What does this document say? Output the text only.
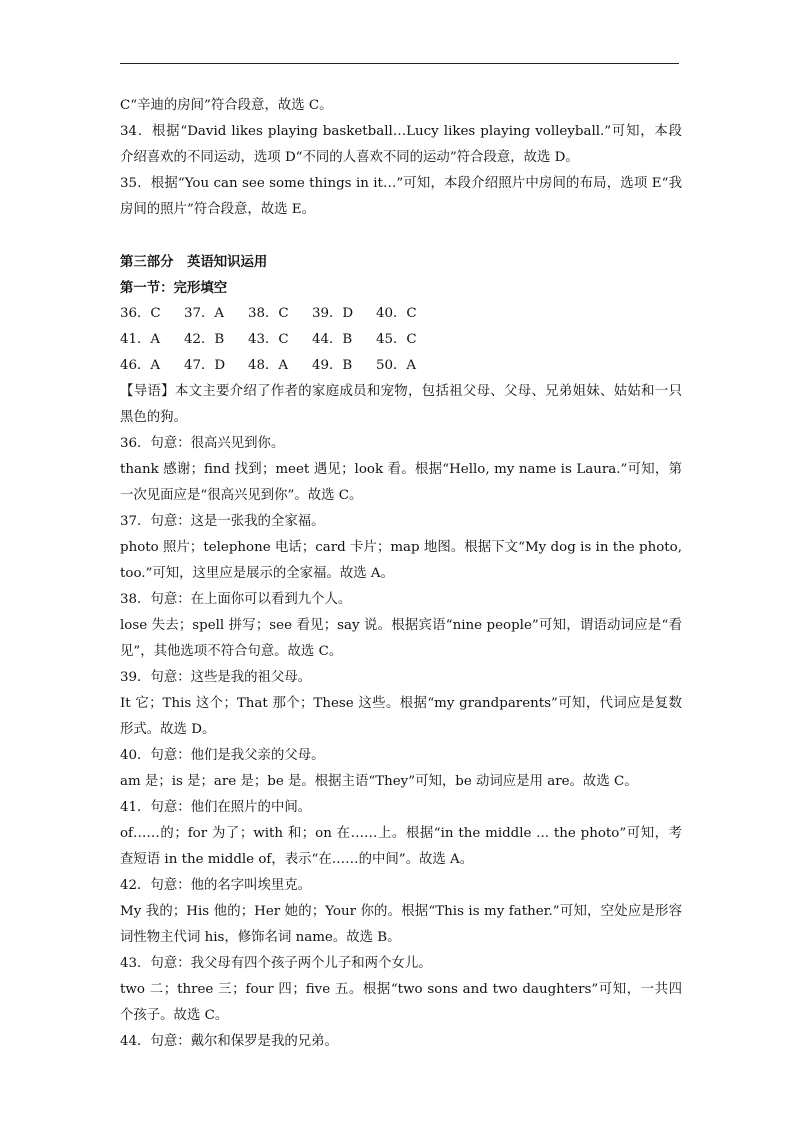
C“辛迪的房间”符合段意，故选 C。

34．根据“David likes playing basketball…Lucy likes playing volleyball.”可知，本段介绍喜欢的不同运动，选项 D“不同的人喜欢不同的运动”符合段意，故选 D。

35．根据“You can see some things in it…”可知，本段介绍照片中房间的布局，选项 E“我房间的照片”符合段意，故选 E。

第三部分　英语知识运用

第一节：完形填空

36．C	37．A	38．C	39．D	40．C
41．A	42．B	43．C	44．B	45．C
46．A	47．D	48．A	49．B	50．A

【导语】本文主要介绍了作者的家庭成员和宠物，包括祖父母、父母、兄弟姐妹、姑姑和一只黑色的狗。

36．句意：很高兴见到你。

thank 感谢；find 找到；meet 遇见；look 看。根据“Hello, my name is Laura.”可知，第一次见面应是“很高兴见到你”。故选 C。

37．句意：这是一张我的全家福。

photo 照片；telephone 电话；card 卡片；map 地图。根据下文“My dog is in the photo, too.”可知，这里应是展示的全家福。故选 A。

38．句意：在上面你可以看到九个人。

lose 失去；spell 拼写；see 看见；say 说。根据宾语“nine people”可知，谓语动词应是“看见”，其他选项不符合句意。故选 C。

39．句意：这些是我的祖父母。

It 它；This 这个；That 那个；These 这些。根据“my grandparents”可知，代词应是复数形式。故选 D。

40．句意：他们是我父亲的父母。

am 是；is 是；are 是；be 是。根据主语“They”可知，be 动词应是用 are。故选 C。

41．句意：他们在照片的中间。

of……的；for 为了；with 和；on 在……上。根据“in the middle ... the photo”可知，考查短语 in the middle of，表示“在……的中间”。故选 A。

42．句意：他的名字叫埃里克。

My 我的；His 他的；Her 她的；Your 你的。根据“This is my father.”可知，空处应是形容词性物主代词 his，修饰名词 name。故选 B。

43．句意：我父母有四个孩子两个儿子和两个女儿。

two 二；three 三；four 四；five 五。根据“two sons and two daughters”可知，一共四个孩子。故选 C。

44．句意：戴尔和保罗是我的兄弟。
